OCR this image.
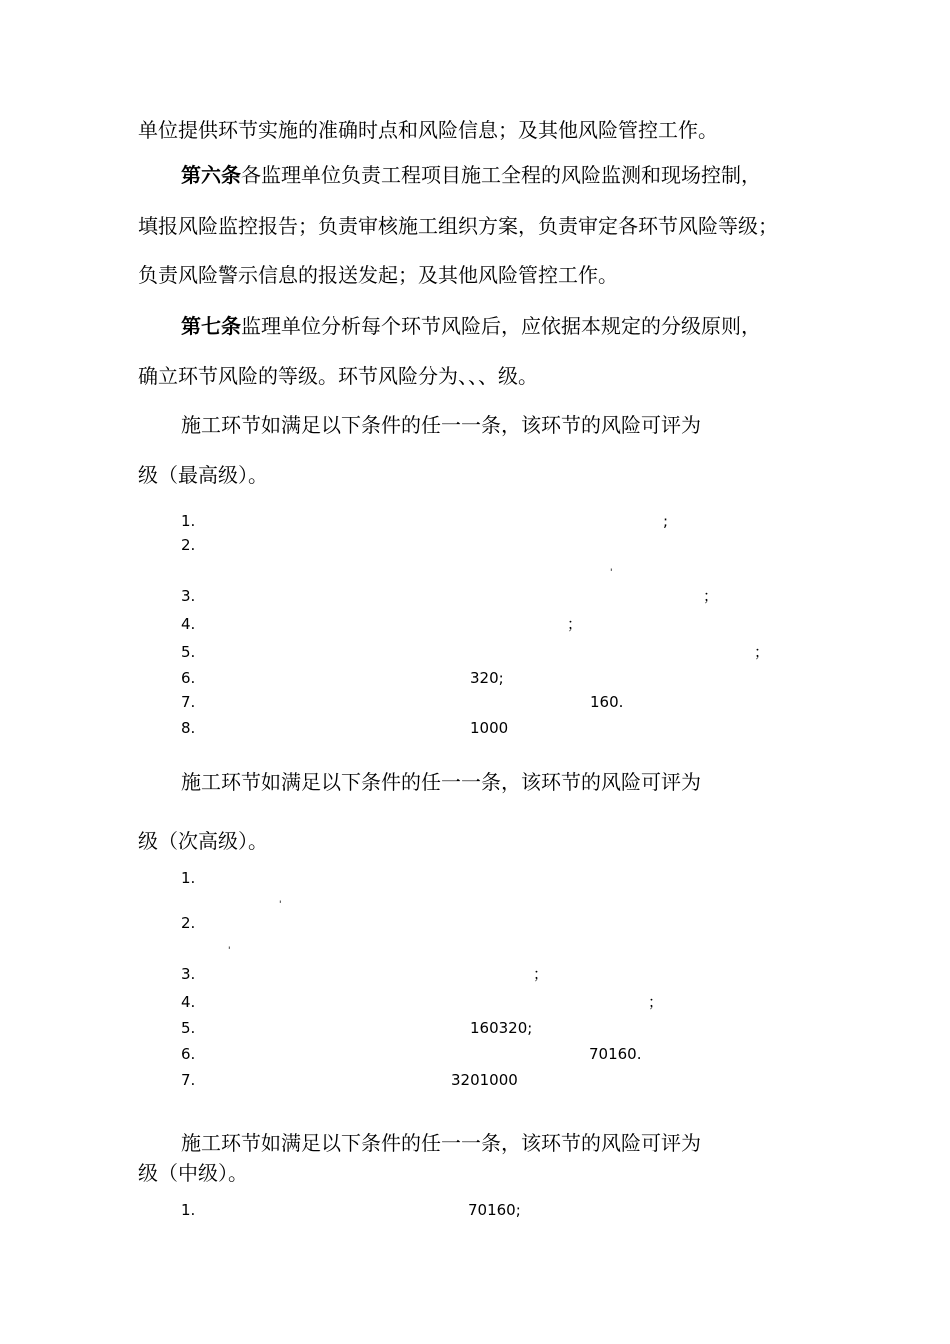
单位提供环节实施的准确时点和风险信息；及其他风险管控工作。
第六条各监理单位负责工程项目施工全程的风险监测和现场控制，
填报风险监控报告；负责审核施工组织方案，负责审定各环节风险等级；
负责风险警示信息的报送发起；及其他风险管控工作。
第七条监理单位分析每个环节风险后，应依据本规定的分级原则，
确立环节风险的等级。环节风险分为、、、级。
施工环节如满足以下条件的任一一条，该环节的风险可评为
级（最高级）。
1.	;
2.
'
3.	；
4.	；
5.	；
6.	320;
7.	160.
8.	1000
施工环节如满足以下条件的任一一条，该环节的风险可评为
级（次高级）。
1.
'
2.
'
3.	；
4.	；
5.	160320;
6.	70160.
7.	3201000
施工环节如满足以下条件的任一一条，该环节的风险可评为
级（中级）。
1.	70160;
